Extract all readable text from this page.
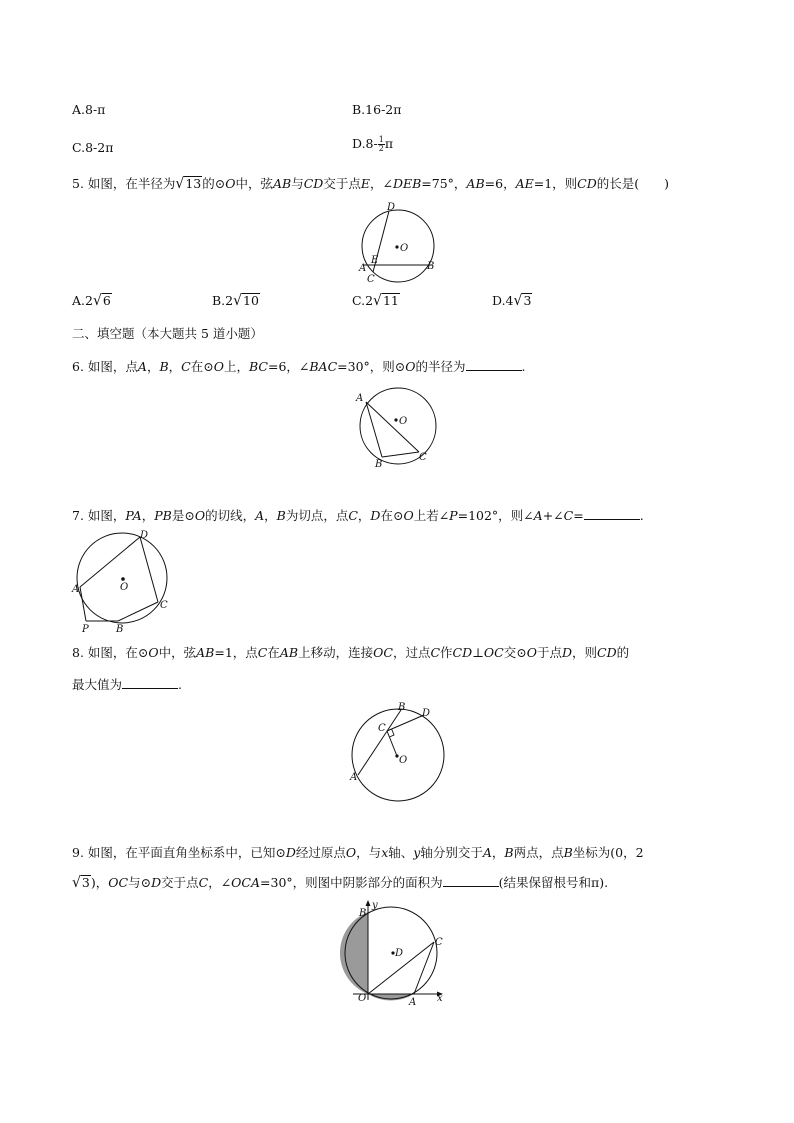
A.8-π	B.16-2π
C.8-2π	$D.8- \frac{1}{2}$ π
5. 如图，在半径为√13的⊙O中，弦AB与CD交于点E，∠DEB=75°，AB=6，AE=1，则CD的长是(　　)
D
O
E
A
C
B
A.2√6	B.2√10	C.2√11	D.4√3
二、填空题（本大题共 5 道小题）
6. 如图，点A，B，C在⊙O上，BC=6，∠BAC=30°，则⊙O的半径为	.
A
O
B
C
7. 如图，PA，PB是⊙O的切线，A，B为切点，点C，D在⊙O上若∠P=102°，则∠A+∠C=	.
D
A	O
C
P	B
8. 如图，在⊙O中，弦AB=1，点C在AB上移动，连接OC，过点C作CD⊥OC交⊙O于点D，则CD的
最大值为	.
B
D
C
O
A
9. 如图，在平面直角坐标系中，已知⊙D经过原点O，与x轴、y轴分别交于A，B两点，点B坐标为(0，2
√3)，OC与⊙D交于点C，∠OCA=30°，则图中阴影部分的面积为	(结果保留根号和π).
y
B
D
C
O	A x
